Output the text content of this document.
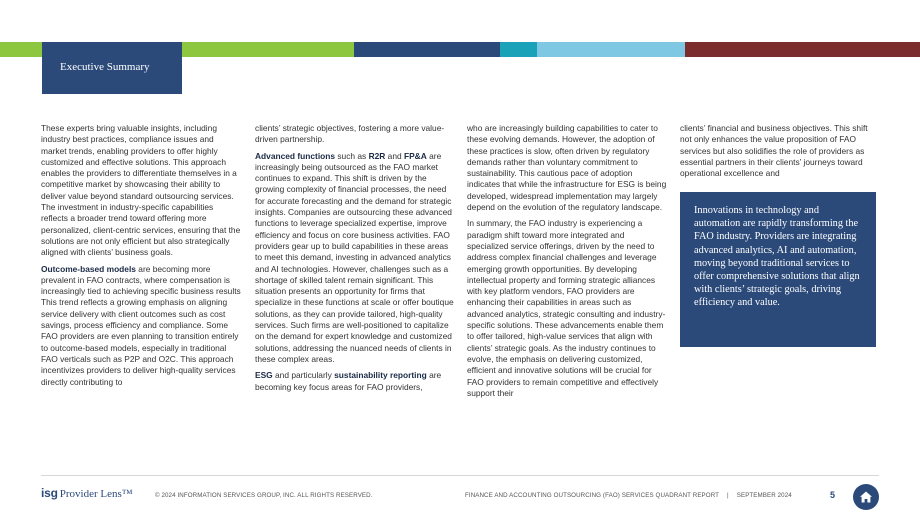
Executive Summary

These experts bring valuable insights, including industry best practices, compliance issues and market trends, enabling providers to offer highly customized and effective solutions. This approach enables the providers to differentiate themselves in a competitive market by showcasing their ability to deliver value beyond standard outsourcing services. The investment in industry-specific capabilities reflects a broader trend toward offering more personalized, client-centric services, ensuring that the solutions are not only efficient but also strategically aligned with clients’ business goals.

Outcome-based models are becoming more prevalent in FAO contracts, where compensation is increasingly tied to achieving specific business results This trend reflects a growing emphasis on aligning service delivery with client outcomes such as cost savings, process efficiency and compliance. Some FAO providers are even planning to transition entirely to outcome-based models, especially in traditional FAO verticals such as P2P and O2C. This approach incentivizes providers to deliver high-quality services directly contributing to

clients’ strategic objectives, fostering a more value-driven partnership.

Advanced functions such as R2R and FP&A are increasingly being outsourced as the FAO market continues to expand. This shift is driven by the growing complexity of financial processes, the need for accurate forecasting and the demand for strategic insights. Companies are outsourcing these advanced functions to leverage specialized expertise, improve efficiency and focus on core business activities. FAO providers gear up to build capabilities in these areas to meet this demand, investing in advanced analytics and AI technologies. However, challenges such as a shortage of skilled talent remain significant. This situation presents an opportunity for firms that specialize in these functions at scale or offer boutique solutions, as they can provide tailored, high-quality services. Such firms are well-positioned to capitalize on the demand for expert knowledge and customized solutions, addressing the nuanced needs of clients in these complex areas.

ESG and particularly sustainability reporting are becoming key focus areas for FAO providers,

who are increasingly building capabilities to cater to these evolving demands. However, the adoption of these practices is slow, often driven by regulatory demands rather than voluntary commitment to sustainability. This cautious pace of adoption indicates that while the infrastructure for ESG is being developed, widespread implementation may largely depend on the evolution of the regulatory landscape.

In summary, the FAO industry is experiencing a paradigm shift toward more integrated and specialized service offerings, driven by the need to address complex financial challenges and leverage emerging growth opportunities. By developing intellectual property and forming strategic alliances with key platform vendors, FAO providers are enhancing their capabilities in areas such as advanced analytics, strategic consulting and industry-specific solutions. These advancements enable them to offer tailored, high-value services that align with clients’ strategic goals. As the industry continues to evolve, the emphasis on delivering customized, efficient and innovative solutions will be crucial for FAO providers to remain competitive and effectively support their

clients’ financial and business objectives. This shift not only enhances the value proposition of FAO services but also solidifies the role of providers as essential partners in their clients’ journeys toward operational excellence and

Innovations in technology and automation are rapidly transforming the FAO industry. Providers are integrating advanced analytics, AI and automation, moving beyond traditional services to offer comprehensive solutions that align with clients’ strategic goals, driving efficiency and value.
isg Provider Lens™	© 2024 INFORMATION SERVICES GROUP, INC. ALL RIGHTS RESERVED.	FINANCE AND ACCOUNTING OUTSOURCING (FAO) SERVICES QUADRANT REPORT | SEPTEMBER 2024	5
